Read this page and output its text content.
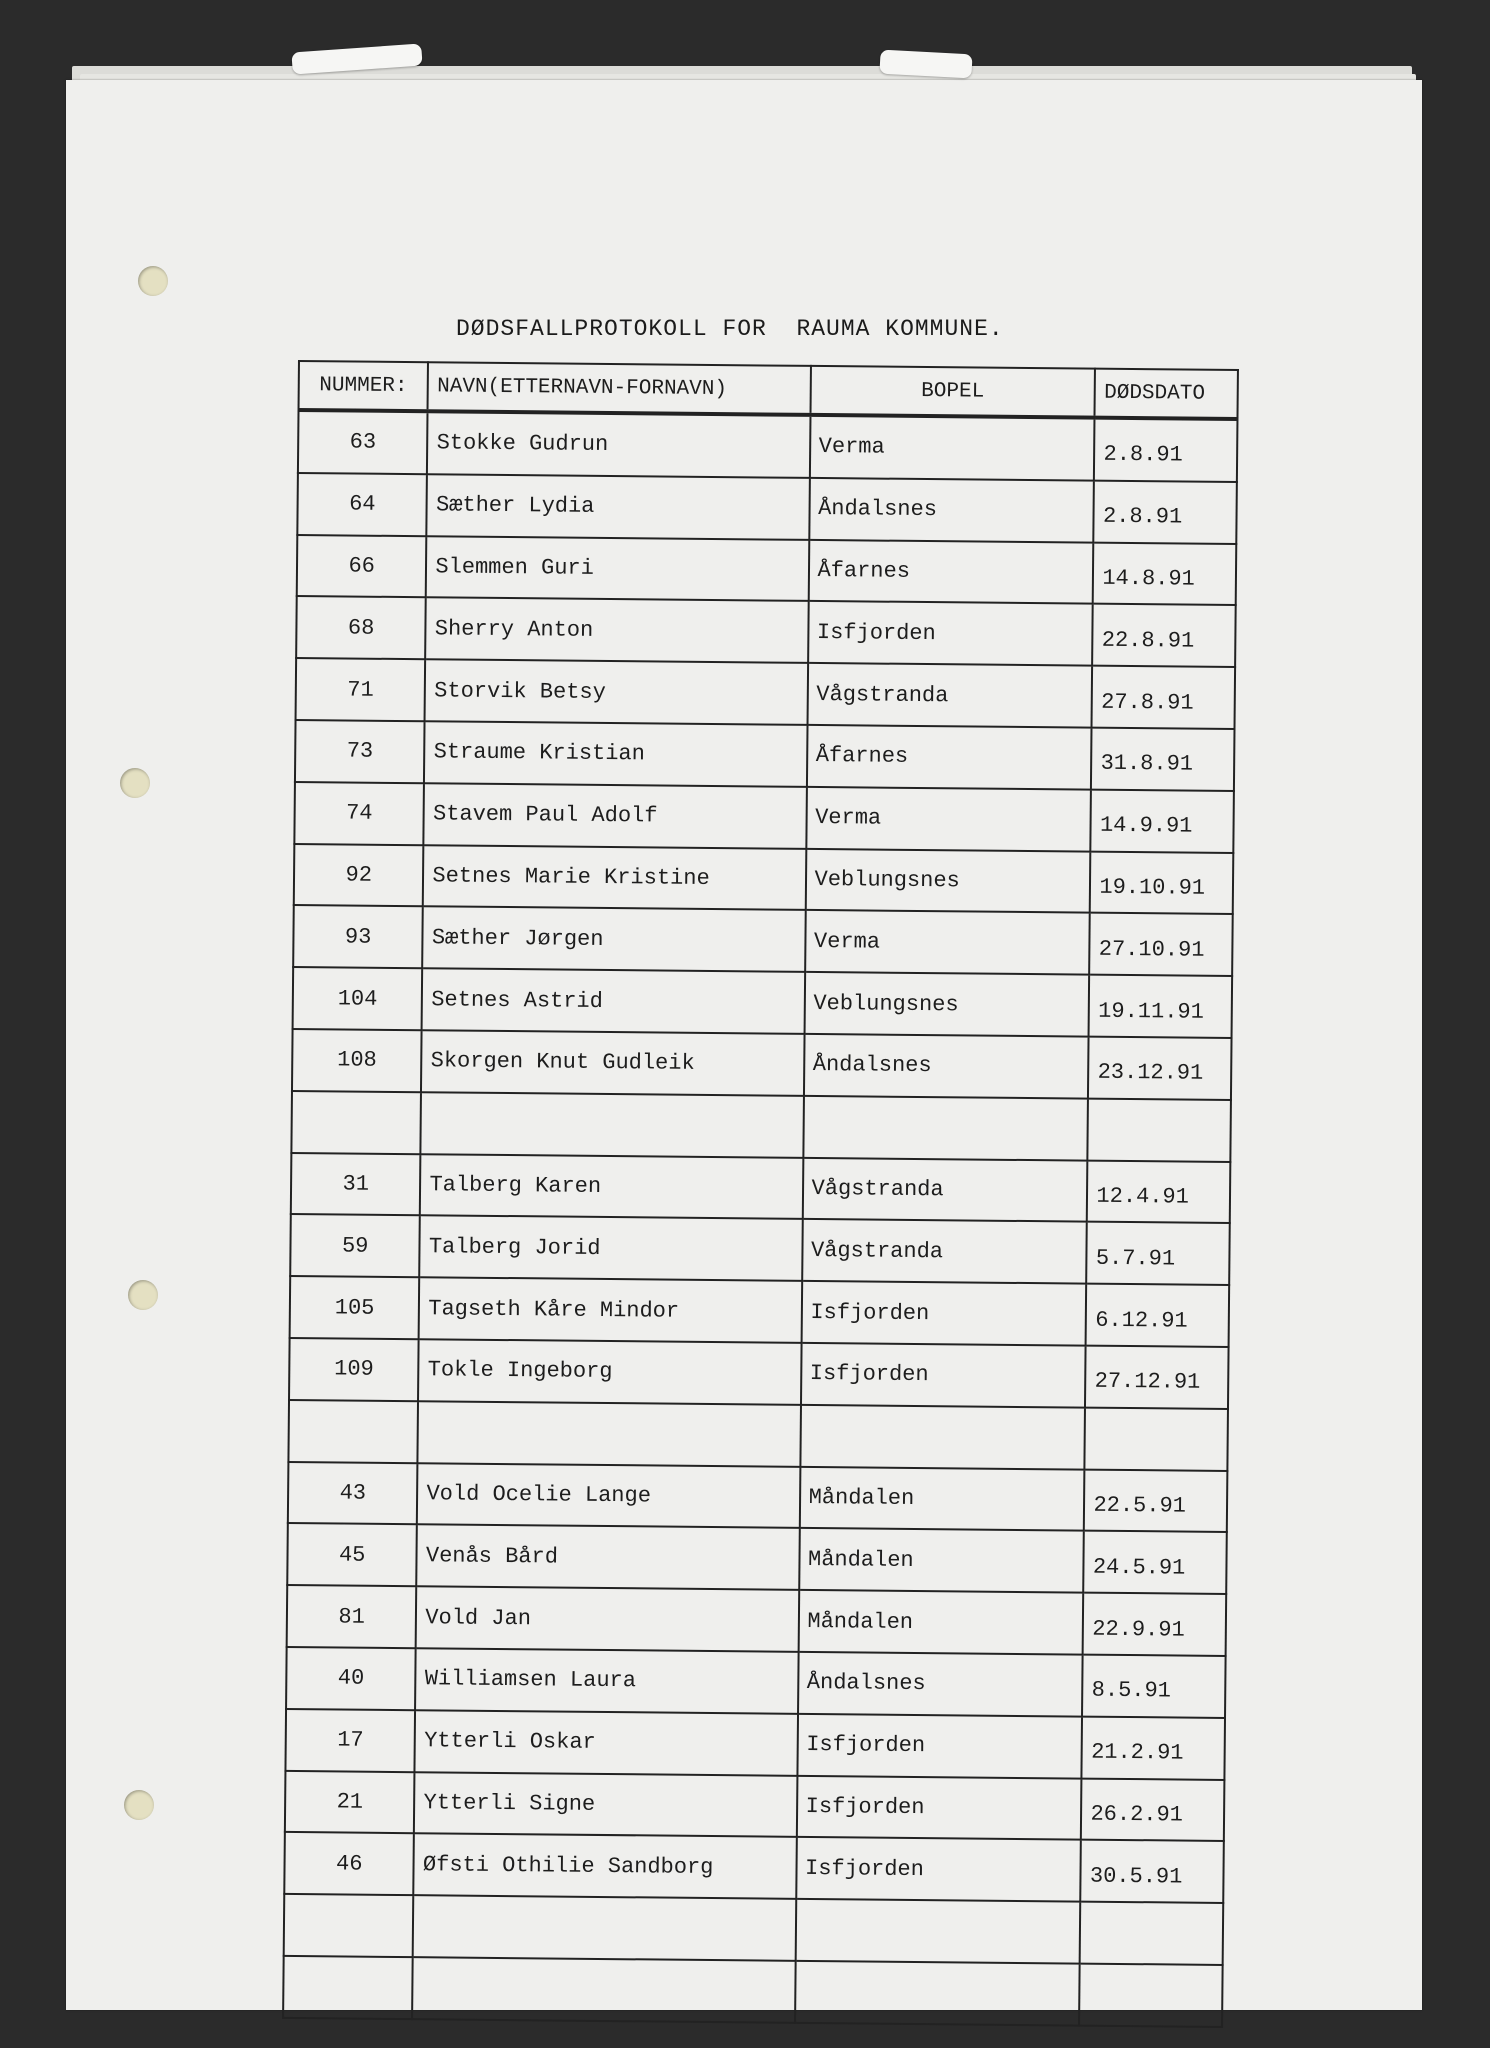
DØDSFALLPROTOKOLL FOR  RAUMA KOMMUNE.
NUMMER:	NAVN(ETTERNAVN-FORNAVN)	BOPEL	DØDSDATO
63	Stokke Gudrun	Verma	2.8.91
64	Sæther Lydia	Åndalsnes	2.8.91
66	Slemmen Guri	Åfarnes	14.8.91
68	Sherry Anton	Isfjorden	22.8.91
71	Storvik Betsy	Vågstranda	27.8.91
73	Straume Kristian	Åfarnes	31.8.91
74	Stavem Paul Adolf	Verma	14.9.91
92	Setnes Marie Kristine	Veblungsnes	19.10.91
93	Sæther Jørgen	Verma	27.10.91
104	Setnes Astrid	Veblungsnes	19.11.91
108	Skorgen Knut Gudleik	Åndalsnes	23.12.91

31	Talberg Karen	Vågstranda	12.4.91
59	Talberg Jorid	Vågstranda	5.7.91
105	Tagseth Kåre Mindor	Isfjorden	6.12.91
109	Tokle Ingeborg	Isfjorden	27.12.91

43	Vold Ocelie Lange	Måndalen	22.5.91
45	Venås Bård	Måndalen	24.5.91
81	Vold Jan	Måndalen	22.9.91
40	Williamsen Laura	Åndalsnes	8.5.91
17	Ytterli Oskar	Isfjorden	21.2.91
21	Ytterli Signe	Isfjorden	26.2.91
46	Øfsti Othilie Sandborg	Isfjorden	30.5.91
